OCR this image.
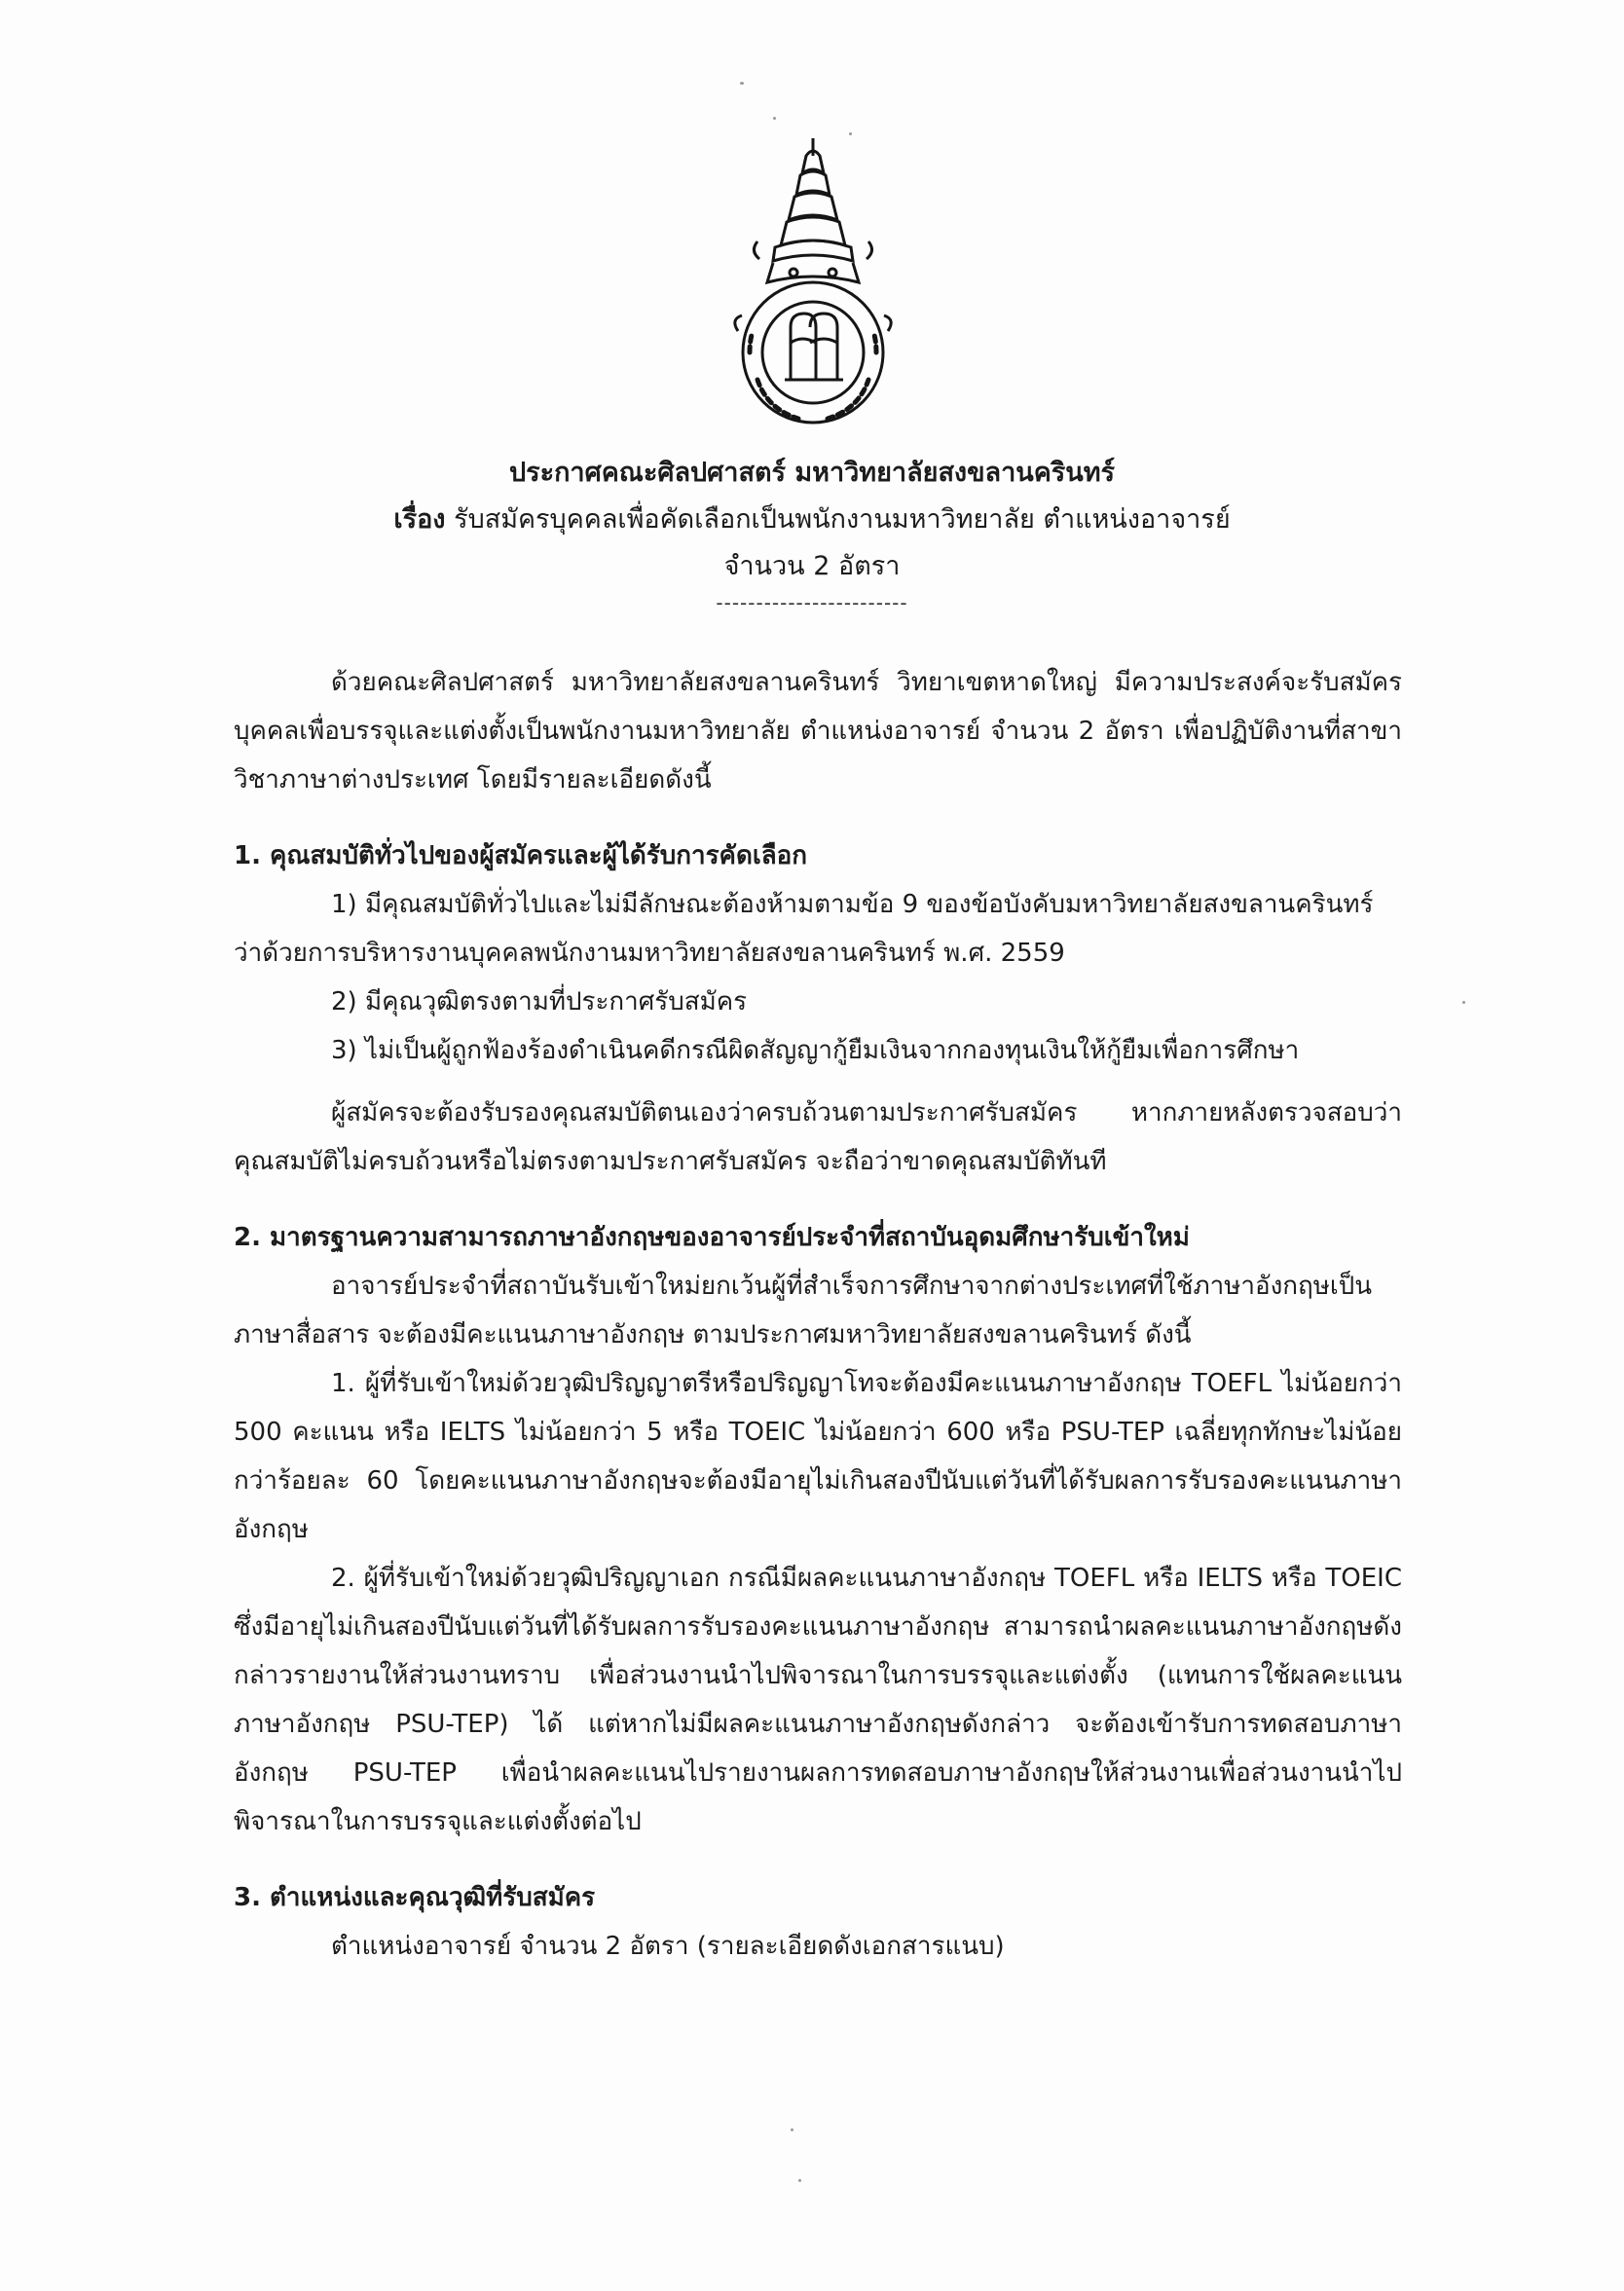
ประกาศคณะศิลปศาสตร์ มหาวิทยาลัยสงขลานครินทร์
เรื่อง รับสมัครบุคคลเพื่อคัดเลือกเป็นพนักงานมหาวิทยาลัย ตำแหน่งอาจารย์
จำนวน 2 อัตรา
------------------------

ด้วยคณะศิลปศาสตร์ มหาวิทยาลัยสงขลานครินทร์ วิทยาเขตหาดใหญ่ มีความประสงค์จะรับสมัครบุคคลเพื่อบรรจุและแต่งตั้งเป็นพนักงานมหาวิทยาลัย ตำแหน่งอาจารย์ จำนวน 2 อัตรา เพื่อปฏิบัติงานที่สาขาวิชาภาษาต่างประเทศ โดยมีรายละเอียดดังนี้

1. คุณสมบัติทั่วไปของผู้สมัครและผู้ได้รับการคัดเลือก

1) มีคุณสมบัติทั่วไปและไม่มีลักษณะต้องห้ามตามข้อ 9 ของข้อบังคับมหาวิทยาลัยสงขลานครินทร์

ว่าด้วยการบริหารงานบุคคลพนักงานมหาวิทยาลัยสงขลานครินทร์ พ.ศ. 2559

2) มีคุณวุฒิตรงตามที่ประกาศรับสมัคร

3) ไม่เป็นผู้ถูกฟ้องร้องดำเนินคดีกรณีผิดสัญญากู้ยืมเงินจากกองทุนเงินให้กู้ยืมเพื่อการศึกษา

ผู้สมัครจะต้องรับรองคุณสมบัติตนเองว่าครบถ้วนตามประกาศรับสมัคร หากภายหลังตรวจสอบว่าคุณสมบัติไม่ครบถ้วนหรือไม่ตรงตามประกาศรับสมัคร จะถือว่าขาดคุณสมบัติทันที

2. มาตรฐานความสามารถภาษาอังกฤษของอาจารย์ประจำที่สถาบันอุดมศึกษารับเข้าใหม่

อาจารย์ประจำที่สถาบันรับเข้าใหม่ยกเว้นผู้ที่สำเร็จการศึกษาจากต่างประเทศที่ใช้ภาษาอังกฤษเป็นภาษาสื่อสาร จะต้องมีคะแนนภาษาอังกฤษ ตามประกาศมหาวิทยาลัยสงขลานครินทร์ ดังนี้

1. ผู้ที่รับเข้าใหม่ด้วยวุฒิปริญญาตรีหรือปริญญาโทจะต้องมีคะแนนภาษาอังกฤษ TOEFL ไม่น้อยกว่า 500 คะแนน หรือ IELTS ไม่น้อยกว่า 5 หรือ TOEIC ไม่น้อยกว่า 600 หรือ PSU-TEP เฉลี่ยทุกทักษะไม่น้อยกว่าร้อยละ 60 โดยคะแนนภาษาอังกฤษจะต้องมีอายุไม่เกินสองปีนับแต่วันที่ได้รับผลการรับรองคะแนนภาษาอังกฤษ

2. ผู้ที่รับเข้าใหม่ด้วยวุฒิปริญญาเอก กรณีมีผลคะแนนภาษาอังกฤษ TOEFL หรือ IELTS หรือ TOEIC ซึ่งมีอายุไม่เกินสองปีนับแต่วันที่ได้รับผลการรับรองคะแนนภาษาอังกฤษ สามารถนำผลคะแนนภาษาอังกฤษดังกล่าวรายงานให้ส่วนงานทราบ เพื่อส่วนงานนำไปพิจารณาในการบรรจุและแต่งตั้ง (แทนการใช้ผลคะแนนภาษาอังกฤษ PSU-TEP) ได้ แต่หากไม่มีผลคะแนนภาษาอังกฤษดังกล่าว จะต้องเข้ารับการทดสอบภาษาอังกฤษ PSU-TEP เพื่อนำผลคะแนนไปรายงานผลการทดสอบภาษาอังกฤษให้ส่วนงานเพื่อส่วนงานนำไปพิจารณาในการบรรจุและแต่งตั้งต่อไป

3. ตำแหน่งและคุณวุฒิที่รับสมัคร

ตำแหน่งอาจารย์ จำนวน 2 อัตรา (รายละเอียดดังเอกสารแนบ)
